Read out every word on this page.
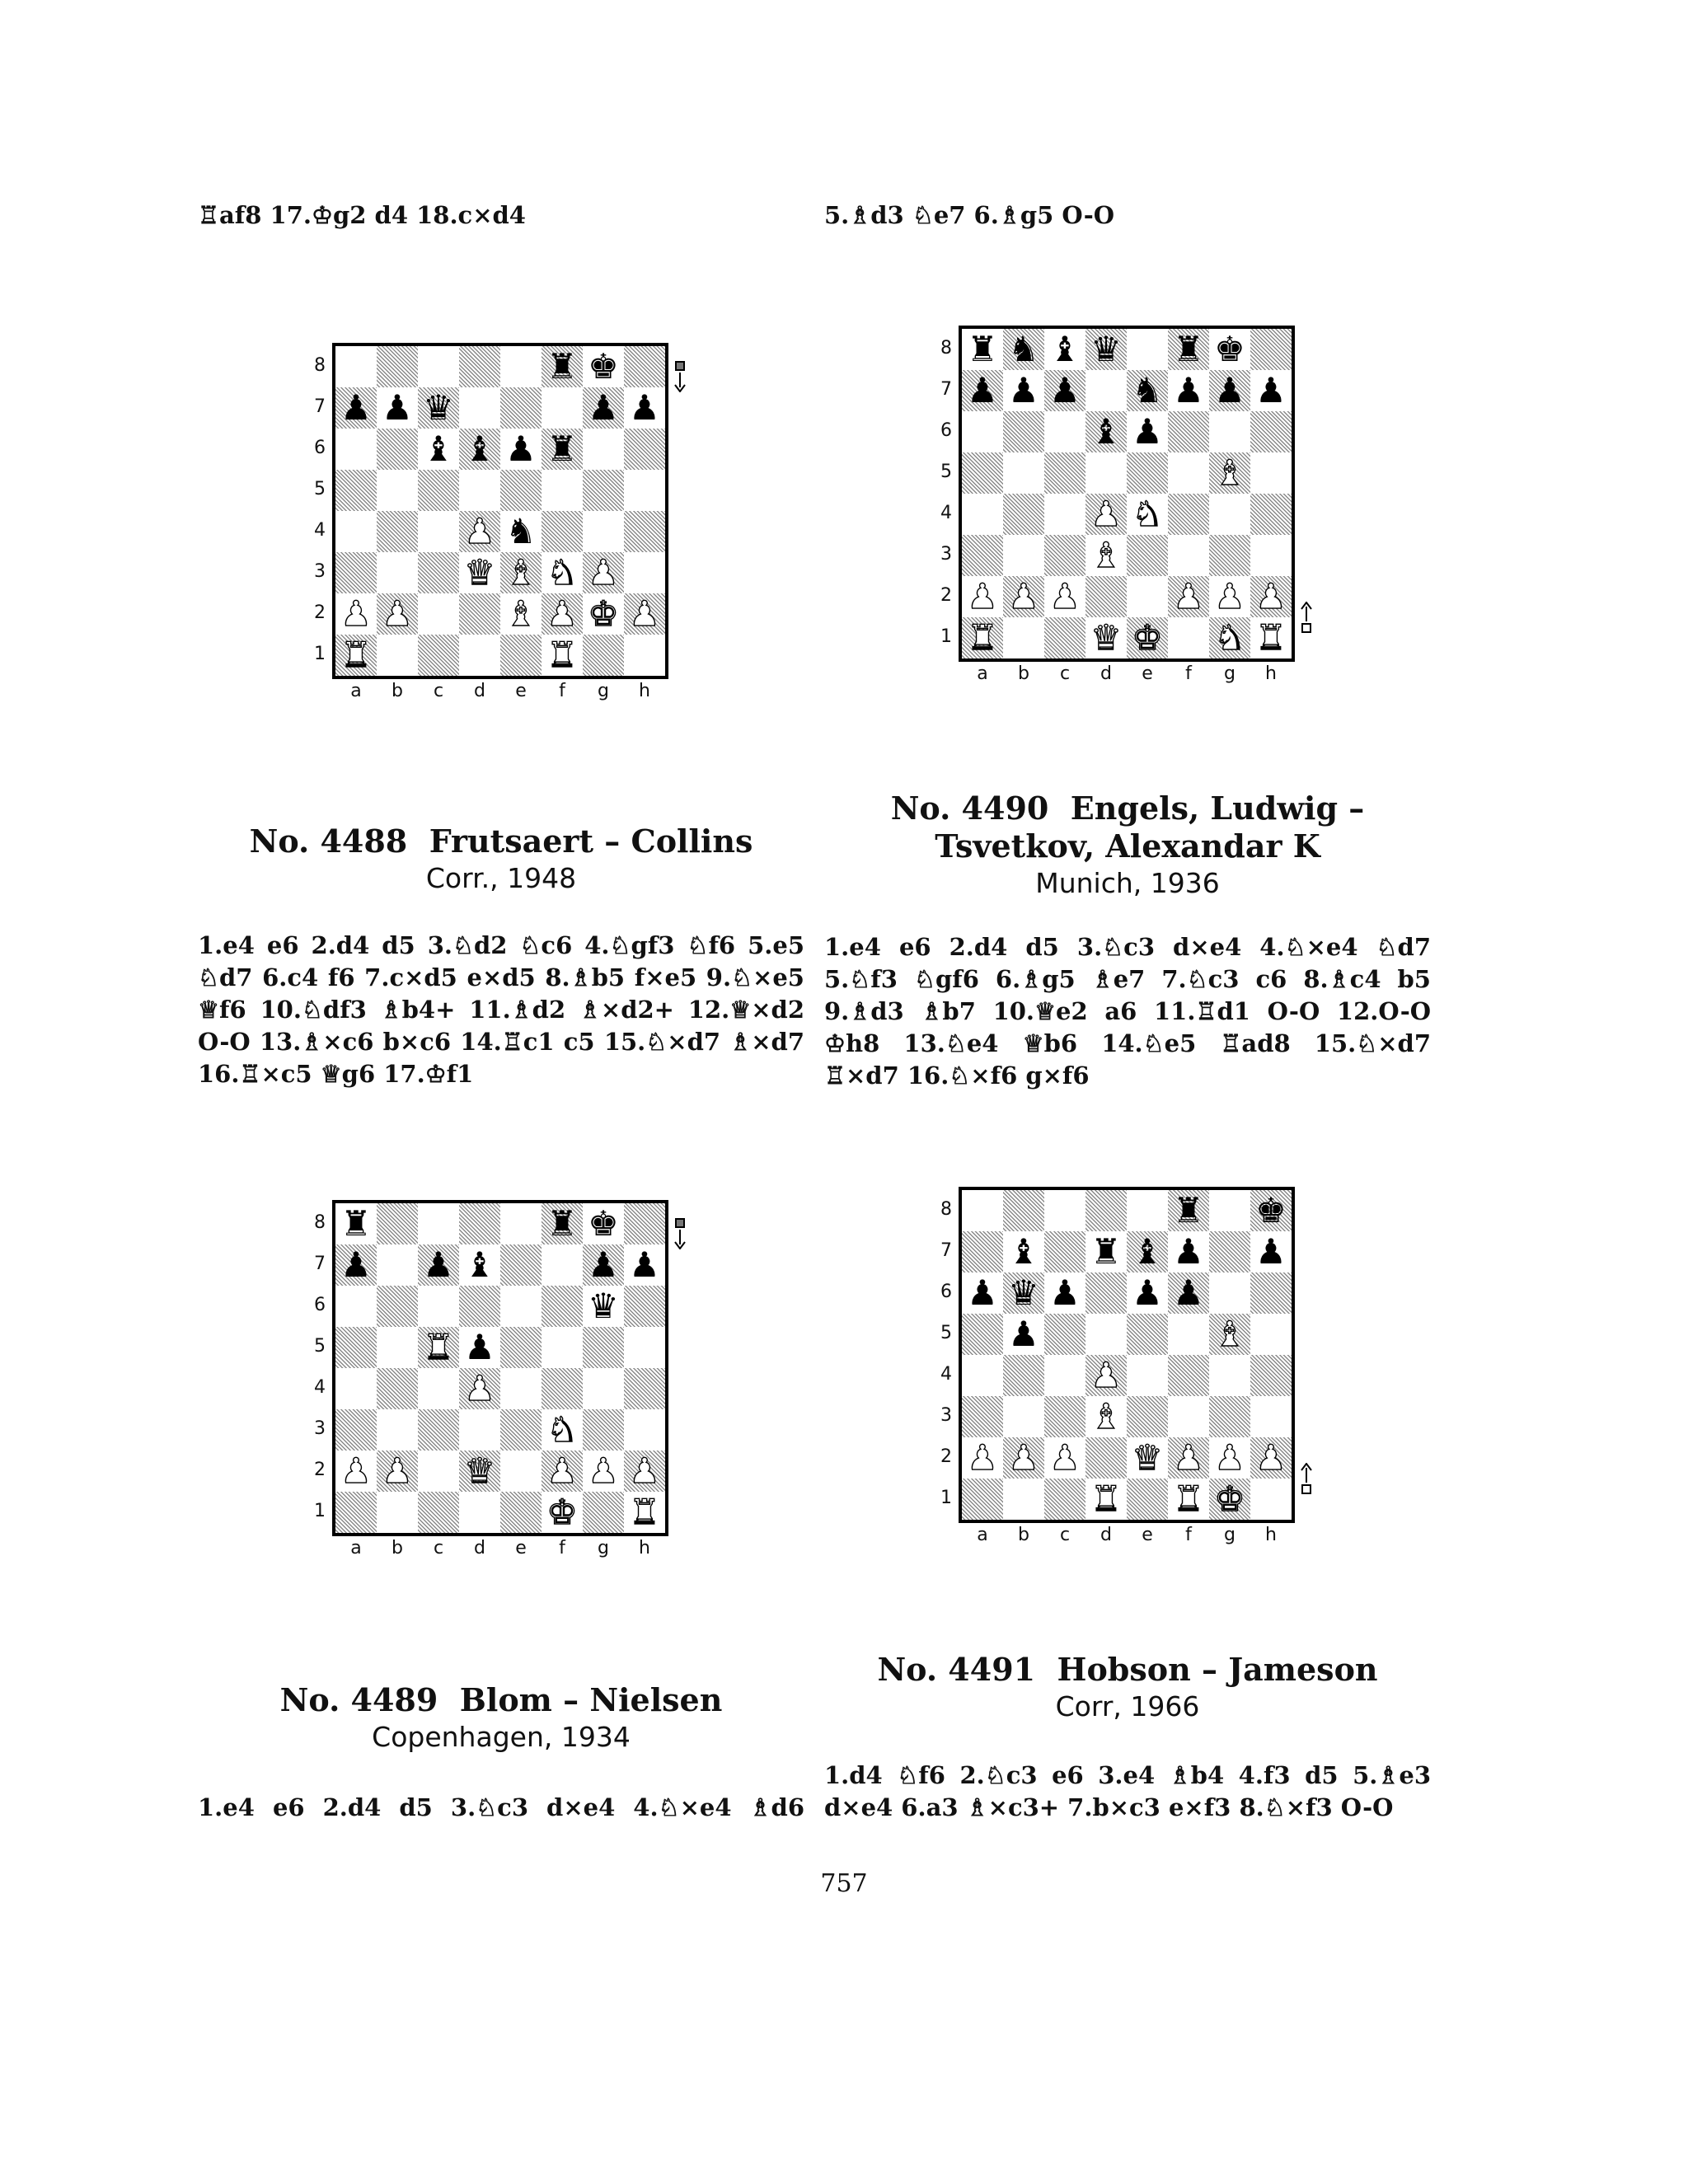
♖af8 17.♔g2 d4 18.c×d4	5.♗d3 ♘e7 6.♗g5 O-O
♜ ♚
♟ ♟ ♛	♟ ♟
♝ ♝ ♟ ♜
♟ ♞
♛ ♝ ♞ ♟
♟ ♟	♝ ♟ ♚ ♟
♜	♜
♜ ♞ ♝ ♛ ♜ ♚
♟ ♟ ♟ ♞ ♟ ♟ ♟
♝ ♟
♝
♟ ♞
♝
♟ ♟ ♟	♟ ♟ ♟
♜	♛ ♚ ♞ ♜
♜	♜ ♚
♟ ♟ ♝	♟ ♟
♛
♜ ♟
♟
♞
♟ ♟ ♛ ♟ ♟ ♟
♚ ♜
♜ ♚
♝ ♜ ♝ ♟ ♟
♟ ♛ ♟ ♟ ♟
♟	♝
♟
♝
♟ ♟ ♟ ♛ ♟ ♟ ♟
♜ ♜ ♚
No. 4488 Frutsaert – Collins
Corr., 1948
1.e4 e6 2.d4 d5 3.♘d2 ♘c6 4.♘gf3 ♘f6 5.e5 ♘d7 6.c4 f6 7.c×d5 e×d5 8.♗b5 f×e5 9.♘×e5 ♕f6 10.♘df3 ♗b4+ 11.♗d2 ♗×d2+ 12.♕×d2 O-O 13.♗×c6 b×c6 14.♖c1 c5 15.♘×d7 ♗×d7 16.♖×c5 ♕g6 17.♔f1
No. 4490 Engels, Ludwig – Tsvetkov, Alexandar K
Munich, 1936
1.e4 e6 2.d4 d5 3.♘c3 d×e4 4.♘×e4 ♘d7 5.♘f3 ♘gf6 6.♗g5 ♗e7 7.♘c3 c6 8.♗c4 b5 9.♗d3 ♗b7 10.♕e2 a6 11.♖d1 O-O 12.O-O ♔h8 13.♘e4 ♕b6 14.♘e5 ♖ad8 15.♘×d7 ♖×d7 16.♘×f6 g×f6
No. 4489 Blom – Nielsen
Copenhagen, 1934
1.e4 e6 2.d4 d5 3.♘c3 d×e4 4.♘×e4 ♗d6
No. 4491 Hobson – Jameson
Corr, 1966
1.d4 ♘f6 2.♘c3 e6 3.e4 ♗b4 4.f3 d5 5.♗e3 d×e4 6.a3 ♗×c3+ 7.b×c3 e×f3 8.♘×f3 O-O
757
8
7
6
5
4
3
2
1
a	b	c	d	e	f	g	h
8
7
6
5
4
3
2
1
a	b	c	d	e	f	g	h
8
7
6
5
4
3
2
1
a	b	c	d	e	f	g	h
8
7
6
5
4
3
2
1
a	b	c	d	e	f	g	h
